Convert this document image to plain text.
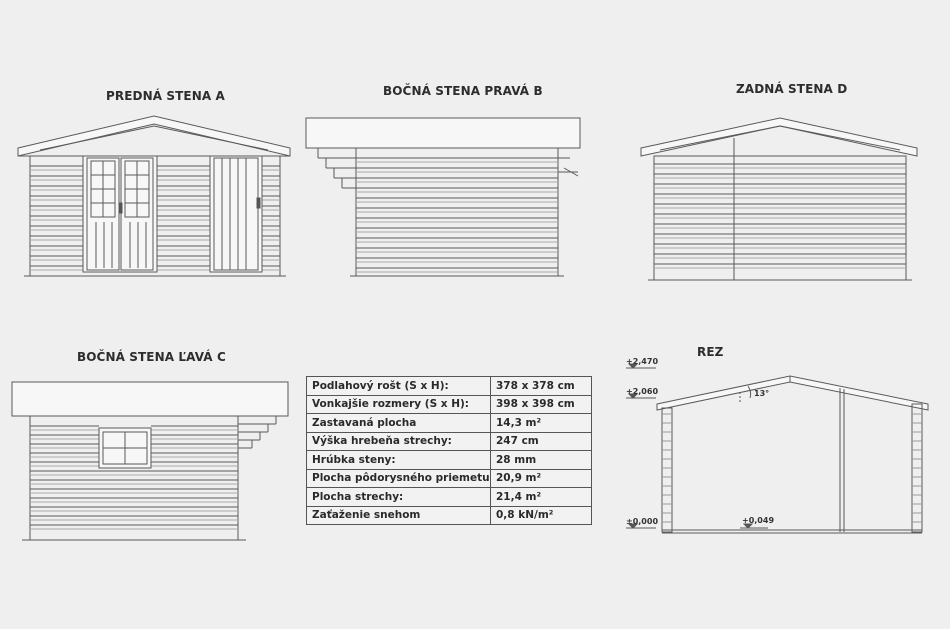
PREDNÁ STENA A	BOČNÁ STENA PRAVÁ B	ZADNÁ STENA D
BOČNÁ STENA ĽAVÁ C	REZ
+2,470
+2,060
±0,000	+0,049
13°
Podlahový rošt (S x H):	378 x 378 cm
Vonkajšie rozmery (S x H):	398 x 398 cm
Zastavaná plocha	14,3 m²
Výška hrebeňa strechy:	247 cm
Hrúbka steny:	28 mm
Plocha pôdorysného priemetu	20,9 m²
Plocha strechy:	21,4 m²
Zaťaženie snehom	0,8 kN/m²
